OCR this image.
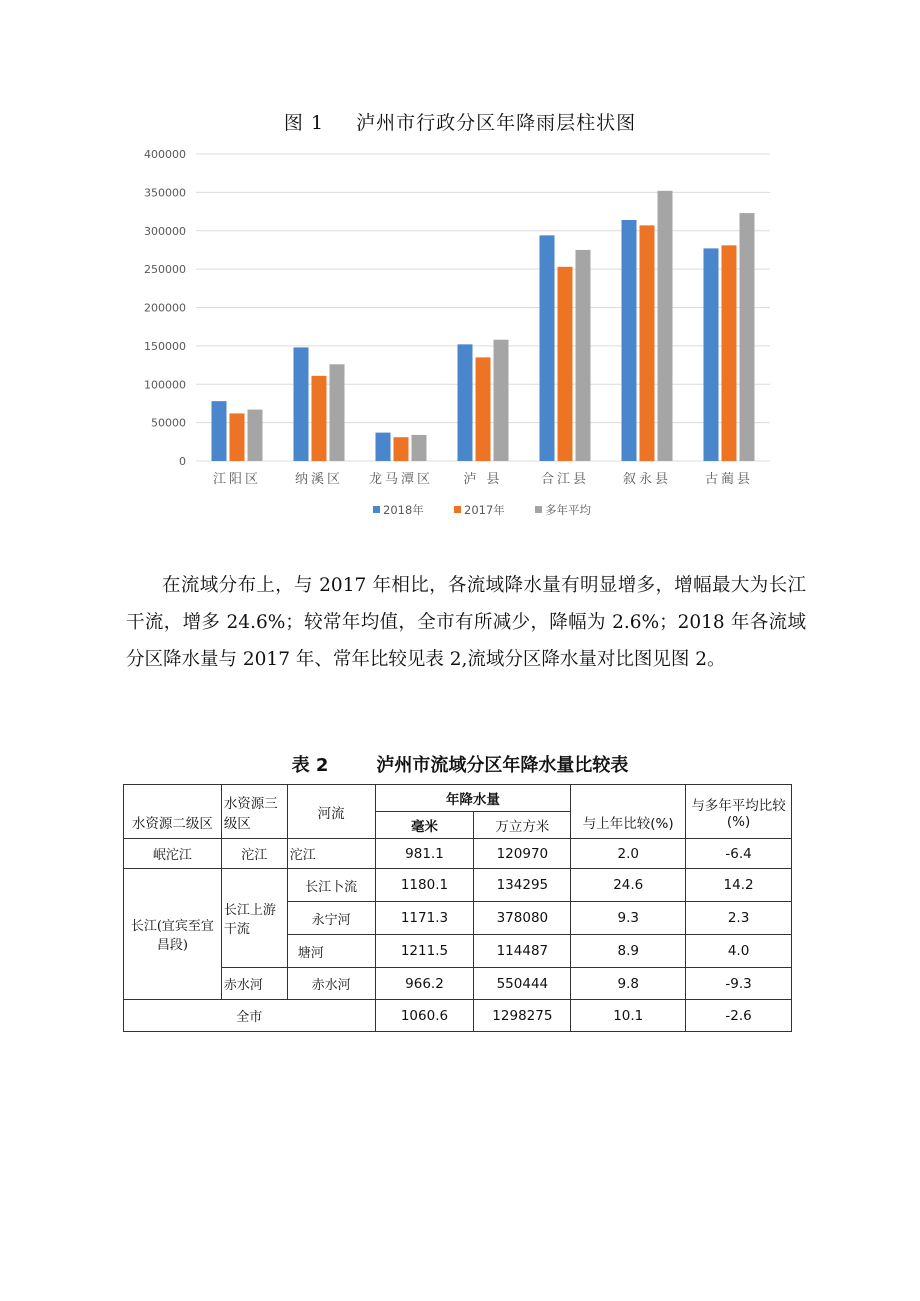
图 1 泸州市行政分区年降雨层柱状图
0
50000
100000
150000
200000
250000
300000
350000
400000
江阳区	纳溪区 龙马潭区 泸 县	合江县	叙永县	古蔺县
2018年	2017年	多年平均

在流域分布上，与 2017 年相比，各流域降水量有明显增多，增幅最大为长江干流，增多 24.6%；较常年均值，全市有所减少，降幅为 2.6%；2018 年各流域分区降水量与 2017 年、常年比较见表 2,流域分区降水量对比图见图 2。

表 2	泸州市流域分区年降水量比较表
水资源二级区	水资源三级区	河流	年降水量		与上年比较(%)	与多年平均比较(%)
			毫米	万立方米		
岷沱江	沱江	沱江	981.1	120970	2.0	-6.4
长江(宜宾至宜昌段)	长江上游干流	长江卜流	1180.1	134295	24.6	14.2
		永宁河	1171.3	378080	9.3	2.3
		塘河	1211.5	114487	8.9	4.0
	赤水河	赤水河	966.2	550444	9.8	-9.3
全市			1060.6	1298275	10.1	-2.6
